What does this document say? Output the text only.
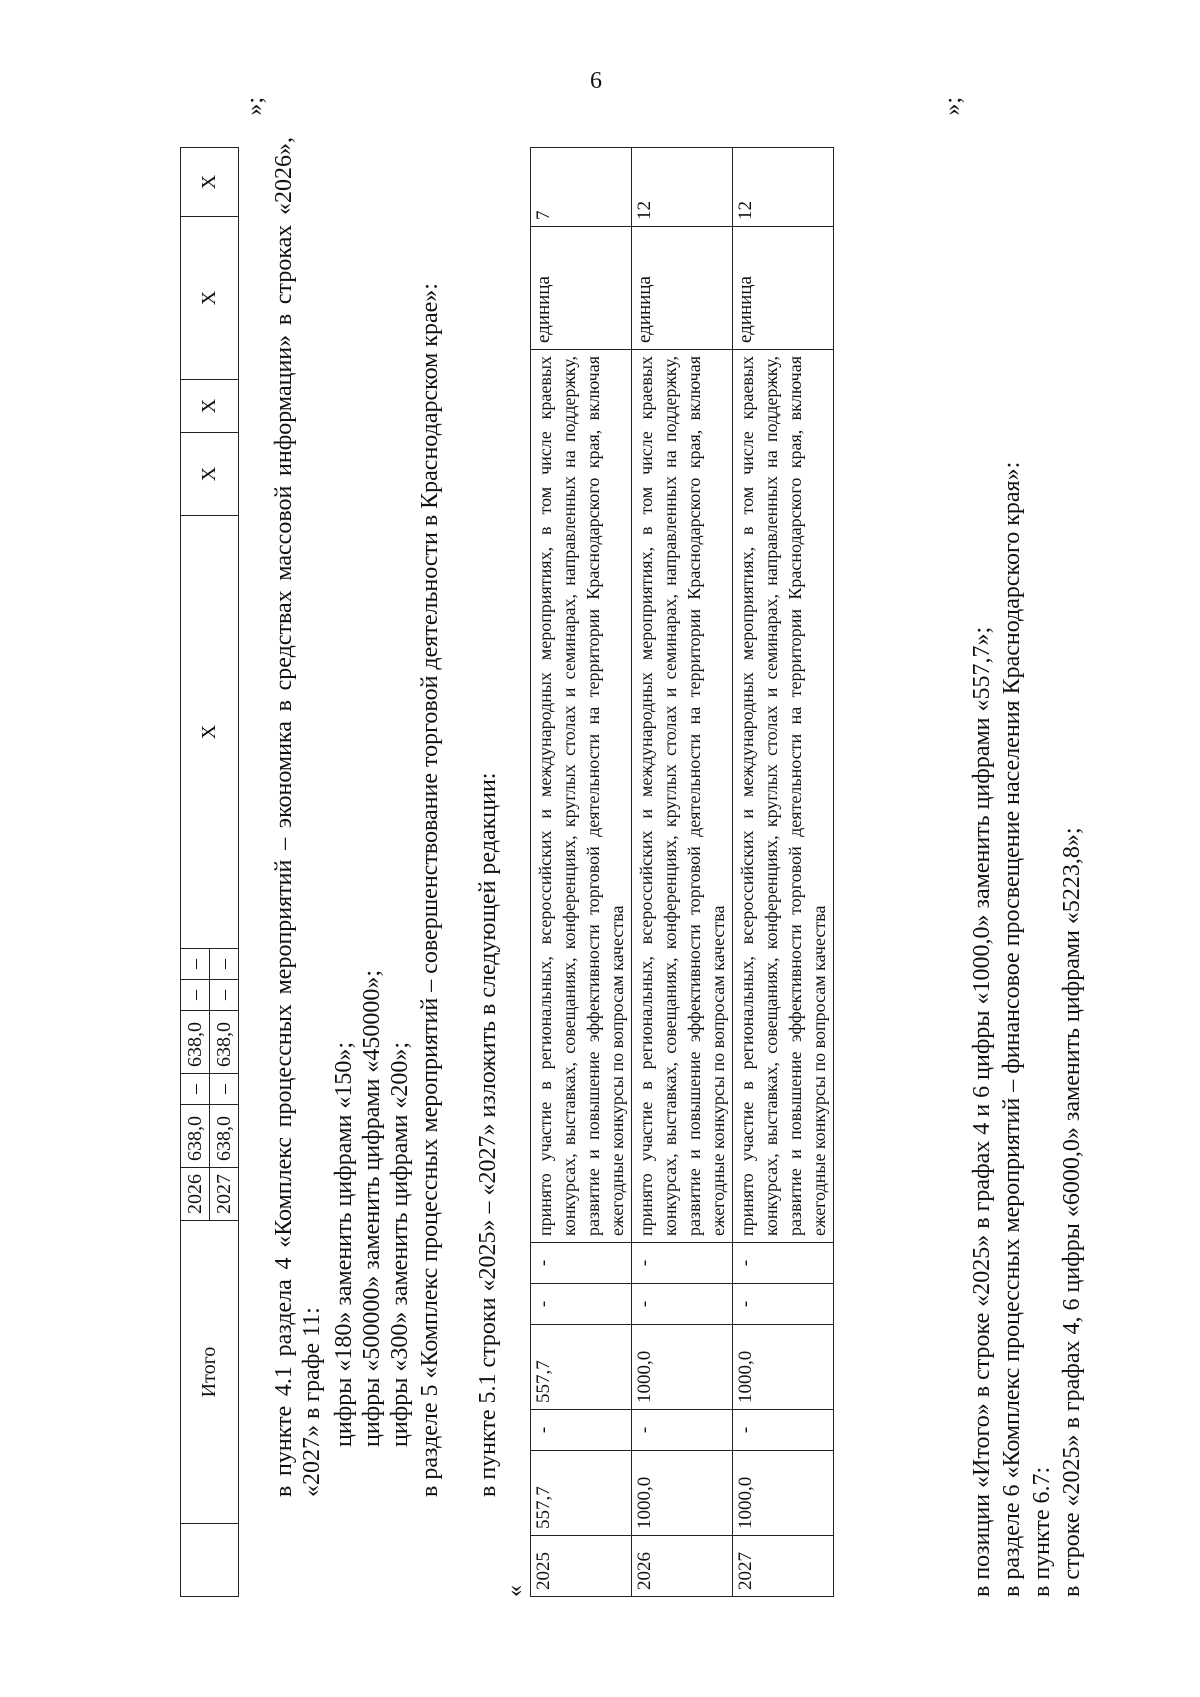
6
	Итого	2026	638,0	–	638,0	–	–	X	X	X	X	X
		2027	638,0	–	638,0	–	–					
»;
в пункте 4.1 раздела 4 «Комплекс процессных мероприятий – экономика в средствах массовой информации» в строках «2026», «2027» в графе 11: цифры «180» заменить цифрами «150»; цифры «500000» заменить цифрами «450000»; цифры «300» заменить цифрами «200»; в разделе 5 «Комплекс процессных мероприятий – совершенствование торговой деятельности в Краснодарском крае»: в пункте 5.1 строки «2025» – «2027» изложить в следующей редакции:
«
2025	557,7	-	557,7	-	-	принято участие в региональных, всероссийских и международных мероприятиях, в том числе краевых конкурсах, выставках, совещаниях, конференциях, круглых столах и семинарах, направленных на поддержку, развитие и повышение эффективности торговой деятельности на территории Краснодарского края, включая ежегодные конкурсы по вопросам качества	единица	7
2026	1000,0	-	1000,0	-	-	принято участие в региональных, всероссийских и международных мероприятиях, в том числе краевых конкурсах, выставках, совещаниях, конференциях, круглых столах и семинарах, направленных на поддержку, развитие и повышение эффективности торговой деятельности на территории Краснодарского края, включая ежегодные конкурсы по вопросам качества	единица	12
2027	1000,0	-	1000,0	-	-	принято участие в региональных, всероссийских и международных мероприятиях, в том числе краевых конкурсах, выставках, совещаниях, конференциях, круглых столах и семинарах, направленных на поддержку, развитие и повышение эффективности торговой деятельности на территории Краснодарского края, включая ежегодные конкурсы по вопросам качества	единица	12
»;
в позиции «Итого» в строке «2025» в графах 4 и 6 цифры «1000,0» заменить цифрами «557,7»; в разделе 6 «Комплекс процессных мероприятий – финансовое просвещение населения Краснодарского края»: в пункте 6.7: в строке «2025» в графах 4, 6 цифры «6000,0» заменить цифрами «5223,8»;
